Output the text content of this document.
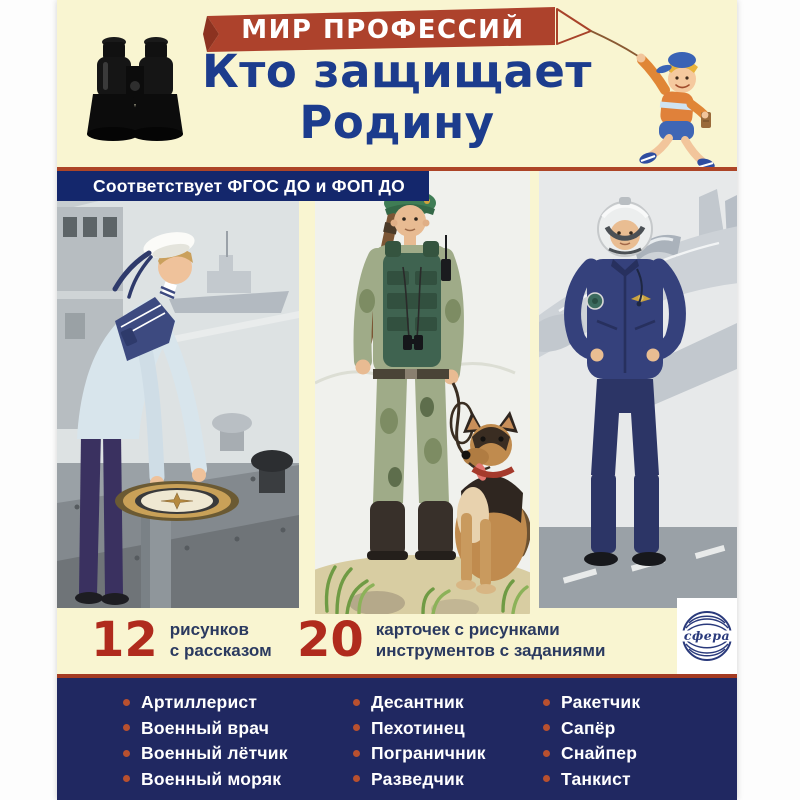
МИР ПРОФЕССИЙ
Кто защищает
Родину
Соответствует ФГОС ДО и ФОП ДО
12 рисунков
с рассказом 20 карточек с рисунками
инструментов с заданиями
сфера
Артиллерист
Военный врач
Военный лётчик
Военный моряк
Десантник
Пехотинец
Пограничник
Разведчик
Ракетчик
Сапёр
Снайпер
Танкист
